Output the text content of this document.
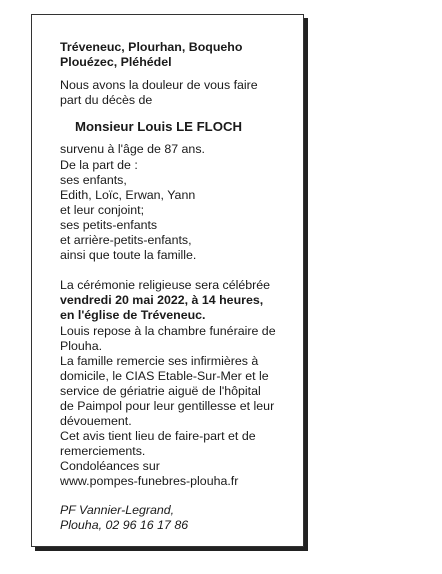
Tréveneuc, Plourhan, Boqueho
Plouézec, Pléhédel
Nous avons la douleur de vous faire
part du décès de
Monsieur Louis LE FLOCH
survenu à l'âge de 87 ans.
De la part de :
ses enfants,
Edith, Loïc, Erwan, Yann
et leur conjoint;
ses petits-enfants
et arrière-petits-enfants,
ainsi que toute la famille.
La cérémonie religieuse sera célébrée
vendredi 20 mai 2022, à 14 heures,
en l'église de Tréveneuc.
Louis repose à la chambre funéraire de
Plouha.
La famille remercie ses infirmières à
domicile, le CIAS Etable-Sur-Mer et le
service de gériatrie aiguë de l'hôpital
de Paimpol pour leur gentillesse et leur
dévouement.
Cet avis tient lieu de faire-part et de
remerciements.
Condoléances sur
www.pompes-funebres-plouha.fr
PF Vannier-Legrand,
Plouha, 02 96 16 17 86
